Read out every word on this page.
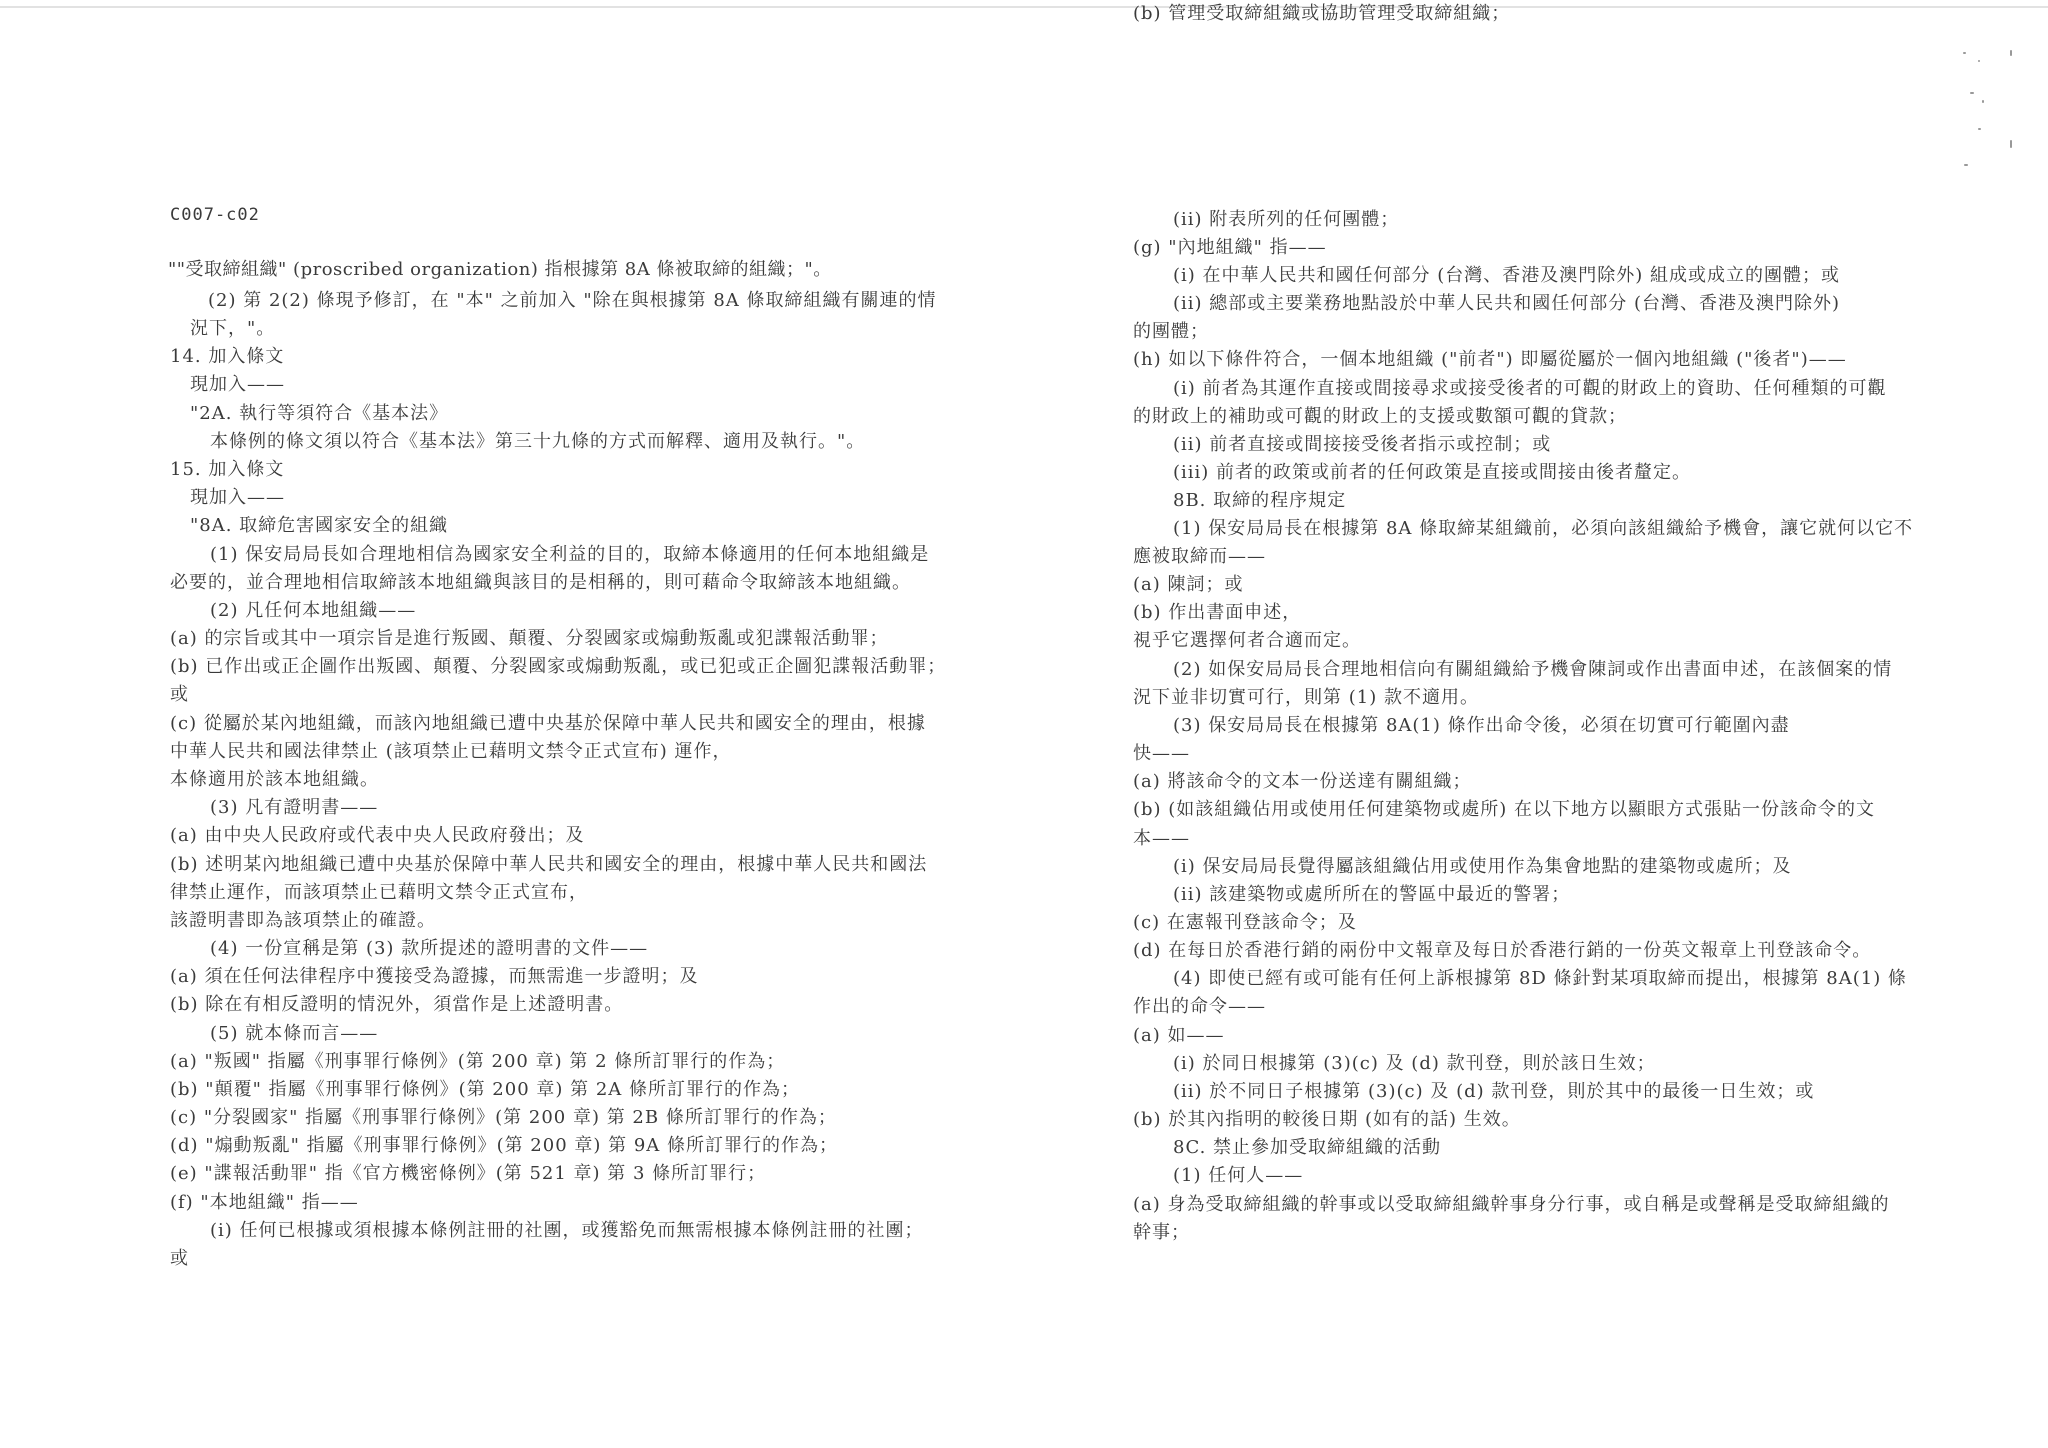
C007-c02
""受取締組織" (proscribed organization) 指根據第 8A 條被取締的組織；"。
(2) 第 2(2) 條現予修訂，在 "本" 之前加入 "除在與根據第 8A 條取締組織有關連的情
況下，"。
14. 加入條文
現加入——
"2A. 執行等須符合《基本法》
本條例的條文須以符合《基本法》第三十九條的方式而解釋、適用及執行。"。
15. 加入條文
現加入——
"8A. 取締危害國家安全的組織
(1) 保安局局長如合理地相信為國家安全利益的目的，取締本條適用的任何本地組織是
必要的，並合理地相信取締該本地組織與該目的是相稱的，則可藉命令取締該本地組織。
(2) 凡任何本地組織——
(a) 的宗旨或其中一項宗旨是進行叛國、顛覆、分裂國家或煽動叛亂或犯諜報活動罪；
(b) 已作出或正企圖作出叛國、顛覆、分裂國家或煽動叛亂，或已犯或正企圖犯諜報活動罪；
或
(c) 從屬於某內地組織，而該內地組織已遭中央基於保障中華人民共和國安全的理由，根據
中華人民共和國法律禁止 (該項禁止已藉明文禁令正式宣布) 運作，
本條適用於該本地組織。
(3) 凡有證明書——
(a) 由中央人民政府或代表中央人民政府發出；及
(b) 述明某內地組織已遭中央基於保障中華人民共和國安全的理由，根據中華人民共和國法
律禁止運作，而該項禁止已藉明文禁令正式宣布，
該證明書即為該項禁止的確證。
(4) 一份宣稱是第 (3) 款所提述的證明書的文件——
(a) 須在任何法律程序中獲接受為證據，而無需進一步證明；及
(b) 除在有相反證明的情況外，須當作是上述證明書。
(5) 就本條而言——
(a) "叛國" 指屬《刑事罪行條例》(第 200 章) 第 2 條所訂罪行的作為；
(b) "顛覆" 指屬《刑事罪行條例》(第 200 章) 第 2A 條所訂罪行的作為；
(c) "分裂國家" 指屬《刑事罪行條例》(第 200 章) 第 2B 條所訂罪行的作為；
(d) "煽動叛亂" 指屬《刑事罪行條例》(第 200 章) 第 9A 條所訂罪行的作為；
(e) "諜報活動罪" 指《官方機密條例》(第 521 章) 第 3 條所訂罪行；
(f) "本地組織" 指——
(i) 任何已根據或須根據本條例註冊的社團，或獲豁免而無需根據本條例註冊的社團；
或
(ii) 附表所列的任何團體；
(g) "內地組織" 指——
(i) 在中華人民共和國任何部分 (台灣、香港及澳門除外) 組成或成立的團體；或
(ii) 總部或主要業務地點設於中華人民共和國任何部分 (台灣、香港及澳門除外)
的團體；
(h) 如以下條件符合，一個本地組織 ("前者") 即屬從屬於一個內地組織 ("後者")——
(i) 前者為其運作直接或間接尋求或接受後者的可觀的財政上的資助、任何種類的可觀
的財政上的補助或可觀的財政上的支援或數額可觀的貸款；
(ii) 前者直接或間接接受後者指示或控制；或
(iii) 前者的政策或前者的任何政策是直接或間接由後者釐定。
8B. 取締的程序規定
(1) 保安局局長在根據第 8A 條取締某組織前，必須向該組織給予機會，讓它就何以它不
應被取締而——
(a) 陳詞；或
(b) 作出書面申述，
視乎它選擇何者合適而定。
(2) 如保安局局長合理地相信向有關組織給予機會陳詞或作出書面申述，在該個案的情
況下並非切實可行，則第 (1) 款不適用。
(3) 保安局局長在根據第 8A(1) 條作出命令後，必須在切實可行範圍內盡
快——
(a) 將該命令的文本一份送達有關組織；
(b) (如該組織佔用或使用任何建築物或處所) 在以下地方以顯眼方式張貼一份該命令的文
本——
(i) 保安局局長覺得屬該組織佔用或使用作為集會地點的建築物或處所；及
(ii) 該建築物或處所所在的警區中最近的警署；
(c) 在憲報刊登該命令；及
(d) 在每日於香港行銷的兩份中文報章及每日於香港行銷的一份英文報章上刊登該命令。
(4) 即使已經有或可能有任何上訴根據第 8D 條針對某項取締而提出，根據第 8A(1) 條
作出的命令——
(a) 如——
(i) 於同日根據第 (3)(c) 及 (d) 款刊登，則於該日生效；
(ii) 於不同日子根據第 (3)(c) 及 (d) 款刊登，則於其中的最後一日生效；或
(b) 於其內指明的較後日期 (如有的話) 生效。
8C. 禁止參加受取締組織的活動
(1) 任何人——
(a) 身為受取締組織的幹事或以受取締組織幹事身分行事，或自稱是或聲稱是受取締組織的
幹事；
(b) 管理受取締組織或協助管理受取締組織；
